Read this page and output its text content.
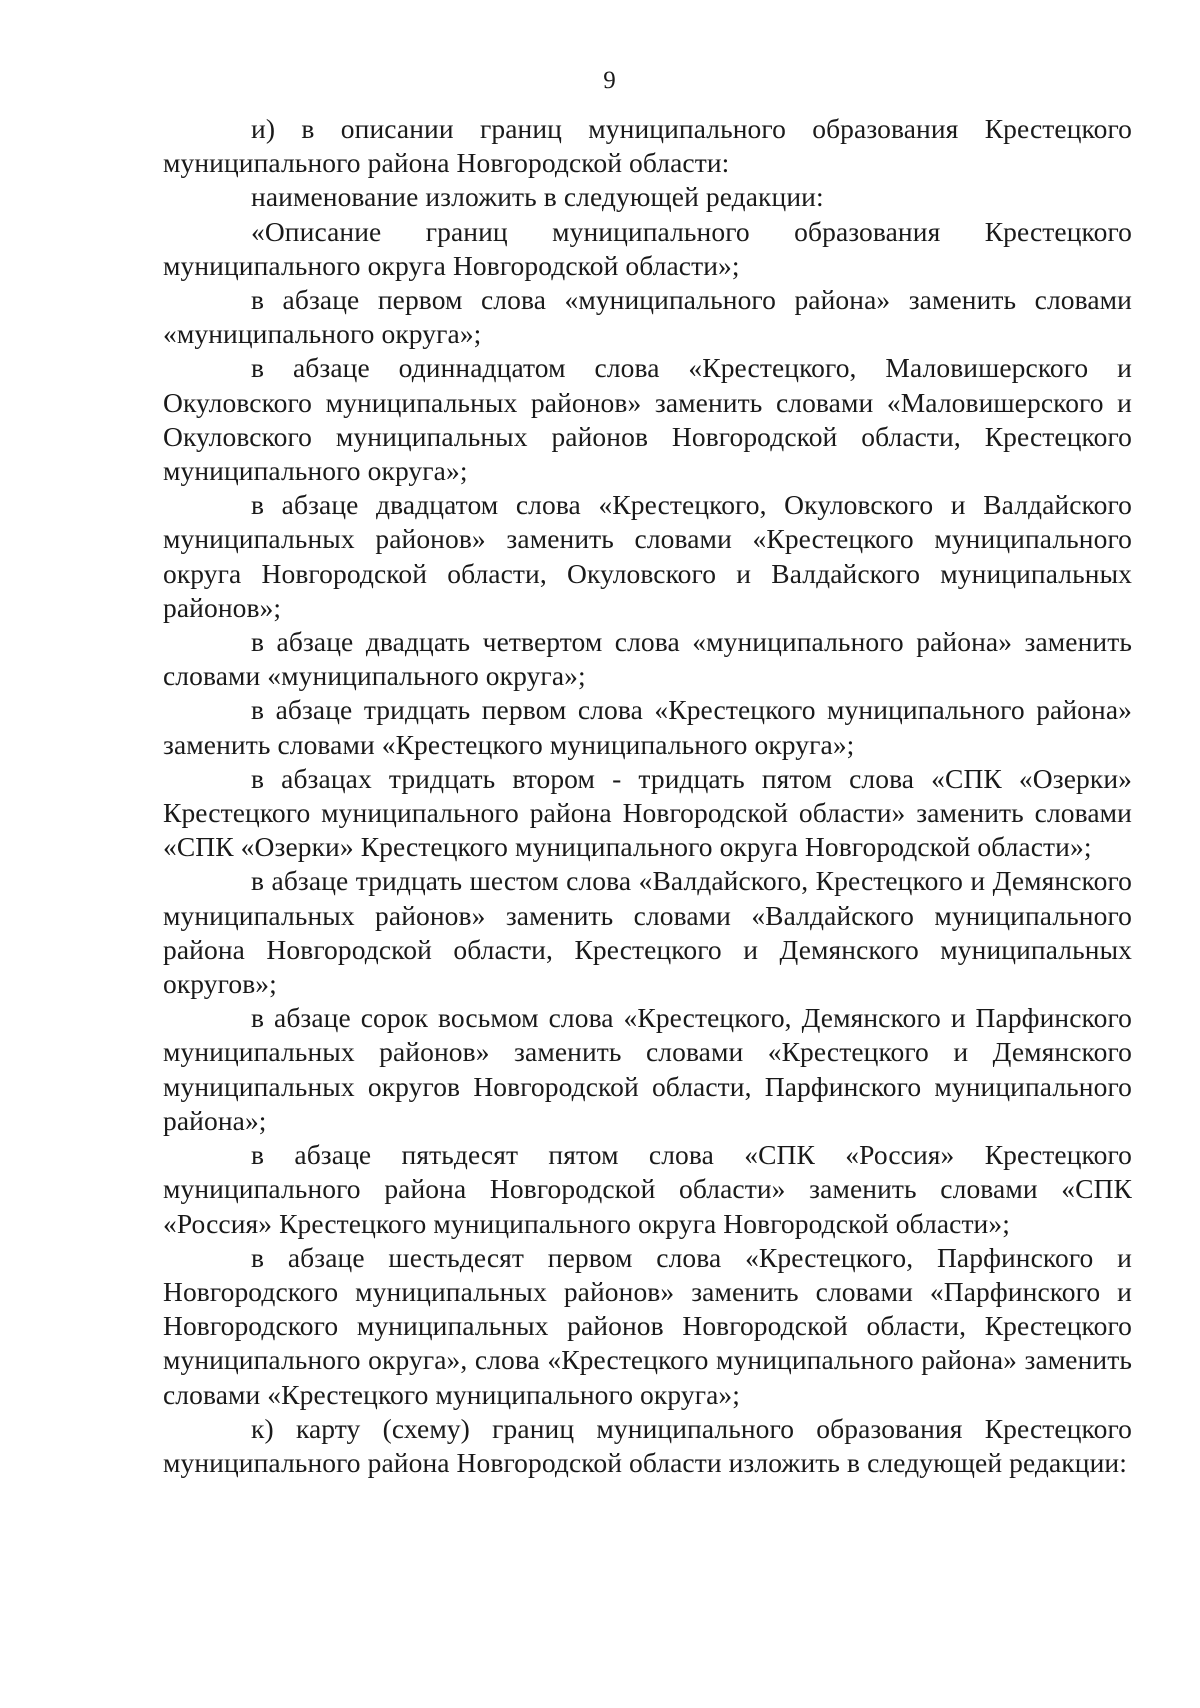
9

и) в описании границ муниципального образования Крестецкого муниципального района Новгородской области:

наименование изложить в следующей редакции:

«Описание границ муниципального образования Крестецкого муниципального округа Новгородской области»;

в абзаце первом слова «муниципального района» заменить словами «муниципального округа»;

в абзаце одиннадцатом слова «Крестецкого, Маловишерского и Окуловского муниципальных районов» заменить словами «Маловишерского и Окуловского муниципальных районов Новгородской области, Крестецкого муниципального округа»;

в абзаце двадцатом слова «Крестецкого, Окуловского и Валдайского муниципальных районов» заменить словами «Крестецкого муниципального округа Новгородской области, Окуловского и Валдайского муниципальных районов»;

в абзаце двадцать четвертом слова «муниципального района» заменить словами «муниципального округа»;

в абзаце тридцать первом слова «Крестецкого муниципального района» заменить словами «Крестецкого муниципального округа»;

в абзацах тридцать втором - тридцать пятом слова «СПК «Озерки» Крестецкого муниципального района Новгородской области» заменить словами «СПК «Озерки» Крестецкого муниципального округа Новгородской области»;

в абзаце тридцать шестом слова «Валдайского, Крестецкого и Демянского муниципальных районов» заменить словами «Валдайского муниципального района Новгородской области, Крестецкого и Демянского муниципальных округов»;

в абзаце сорок восьмом слова «Крестецкого, Демянского и Парфинского муниципальных районов» заменить словами «Крестецкого и Демянского муниципальных округов Новгородской области, Парфинского муниципального района»;

в абзаце пятьдесят пятом слова «СПК «Россия» Крестецкого муниципального района Новгородской области» заменить словами «СПК «Россия» Крестецкого муниципального округа Новгородской области»;

в абзаце шестьдесят первом слова «Крестецкого, Парфинского и Новгородского муниципальных районов» заменить словами «Парфинского и Новгородского муниципальных районов Новгородской области, Крестецкого муниципального округа», слова «Крестецкого муниципального района» заменить словами «Крестецкого муниципального округа»;

к) карту (схему) границ муниципального образования Крестецкого муниципального района Новгородской области изложить в следующей редакции:
